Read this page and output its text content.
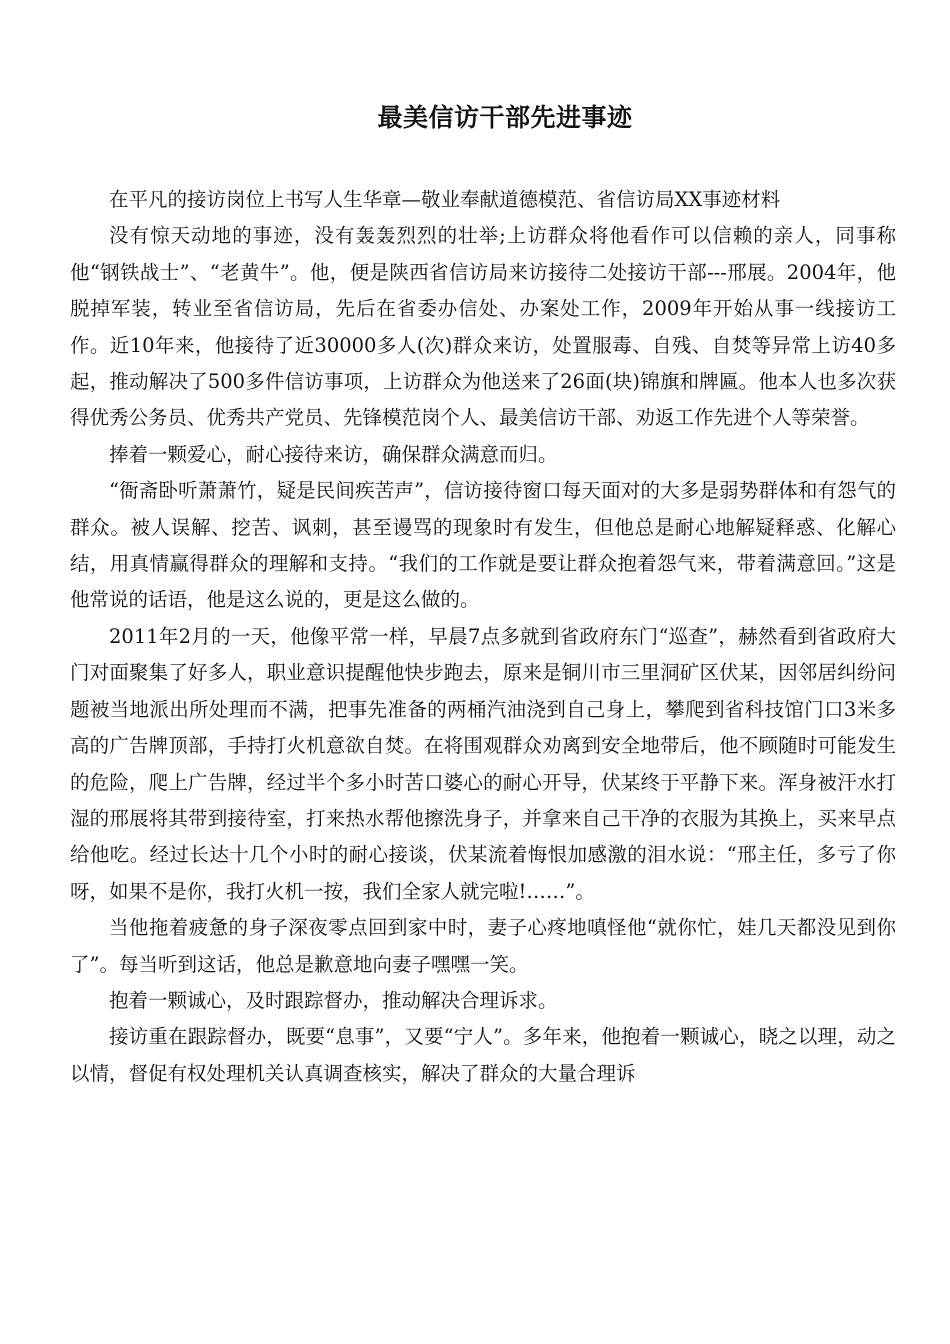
最美信访干部先进事迹

在平凡的接访岗位上书写人生华章—敬业奉献道德模范、省信访局XX事迹材料

没有惊天动地的事迹，没有轰轰烈烈的壮举;上访群众将他看作可以信赖的亲人，同事称他“钢铁战士”、“老黄牛”。他，便是陕西省信访局来访接待二处接访干部---邢展。2004年，他脱掉军装，转业至省信访局，先后在省委办信处、办案处工作，2009年开始从事一线接访工作。近10年来，他接待了近30000多人(次)群众来访，处置服毒、自残、自焚等异常上访40多起，推动解决了500多件信访事项，上访群众为他送来了26面(块)锦旗和牌匾。他本人也多次获得优秀公务员、优秀共产党员、先锋模范岗个人、最美信访干部、劝返工作先进个人等荣誉。

捧着一颗爱心，耐心接待来访，确保群众满意而归。

“衙斋卧听萧萧竹，疑是民间疾苦声”，信访接待窗口每天面对的大多是弱势群体和有怨气的群众。被人误解、挖苦、讽刺，甚至谩骂的现象时有发生，但他总是耐心地解疑释惑、化解心结，用真情赢得群众的理解和支持。“我们的工作就是要让群众抱着怨气来，带着满意回。”这是他常说的话语，他是这么说的，更是这么做的。

2011年2月的一天，他像平常一样，早晨7点多就到省政府东门“巡查”，赫然看到省政府大门对面聚集了好多人，职业意识提醒他快步跑去，原来是铜川市三里洞矿区伏某，因邻居纠纷问题被当地派出所处理而不满，把事先准备的两桶汽油浇到自己身上，攀爬到省科技馆门口3米多高的广告牌顶部，手持打火机意欲自焚。在将围观群众劝离到安全地带后，他不顾随时可能发生的危险，爬上广告牌，经过半个多小时苦口婆心的耐心开导，伏某终于平静下来。浑身被汗水打湿的邢展将其带到接待室，打来热水帮他擦洗身子，并拿来自己干净的衣服为其换上，买来早点给他吃。经过长达十几个小时的耐心接谈，伏某流着悔恨加感激的泪水说：“邢主任，多亏了你呀，如果不是你，我打火机一按，我们全家人就完啦!……”。

当他拖着疲惫的身子深夜零点回到家中时，妻子心疼地嗔怪他“就你忙，娃几天都没见到你了”。每当听到这话，他总是歉意地向妻子嘿嘿一笑。

抱着一颗诚心，及时跟踪督办，推动解决合理诉求。

接访重在跟踪督办，既要“息事”，又要“宁人”。多年来，他抱着一颗诚心，晓之以理，动之以情，督促有权处理机关认真调查核实，解决了群众的大量合理诉
